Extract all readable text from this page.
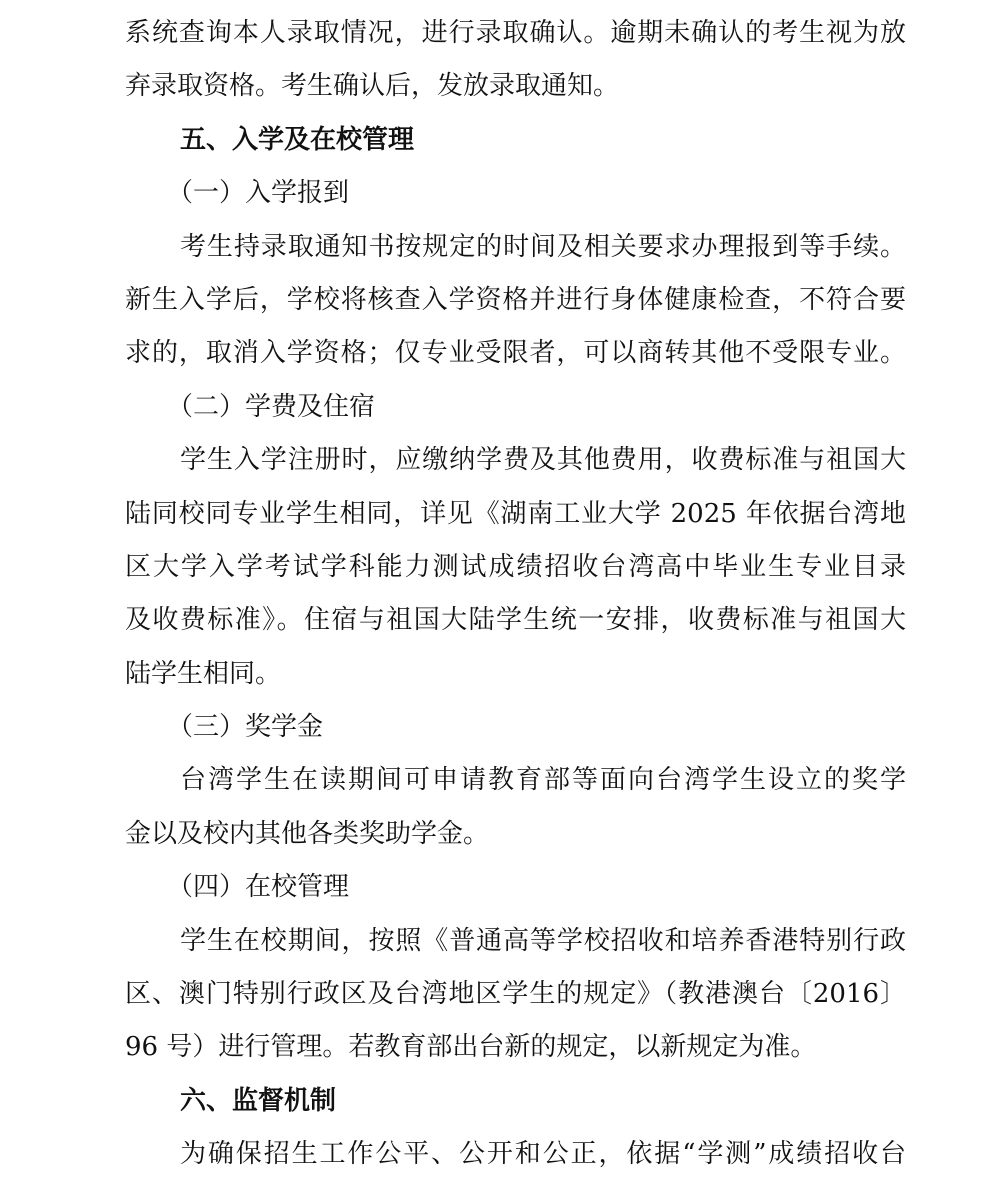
系统查询本人录取情况，进行录取确认。逾期未确认的考生视为放
弃录取资格。考生确认后，发放录取通知。
五、入学及在校管理
（一）入学报到
考生持录取通知书按规定的时间及相关要求办理报到等手续。
新生入学后，学校将核查入学资格并进行身体健康检查，不符合要
求的，取消入学资格；仅专业受限者，可以商转其他不受限专业。
（二）学费及住宿
学生入学注册时，应缴纳学费及其他费用，收费标准与祖国大
陆同校同专业学生相同，详见《湖南工业大学 2025 年依据台湾地
区大学入学考试学科能力测试成绩招收台湾高中毕业生专业目录
及收费标准》。住宿与祖国大陆学生统一安排，收费标准与祖国大
陆学生相同。
（三）奖学金
台湾学生在读期间可申请教育部等面向台湾学生设立的奖学
金以及校内其他各类奖助学金。
（四）在校管理
学生在校期间，按照《普通高等学校招收和培养香港特别行政
区、澳门特别行政区及台湾地区学生的规定》（教港澳台〔2016〕
96 号）进行管理。若教育部出台新的规定，以新规定为准。
六、监督机制
为确保招生工作公平、公开和公正，依据“学测”成绩招收台
